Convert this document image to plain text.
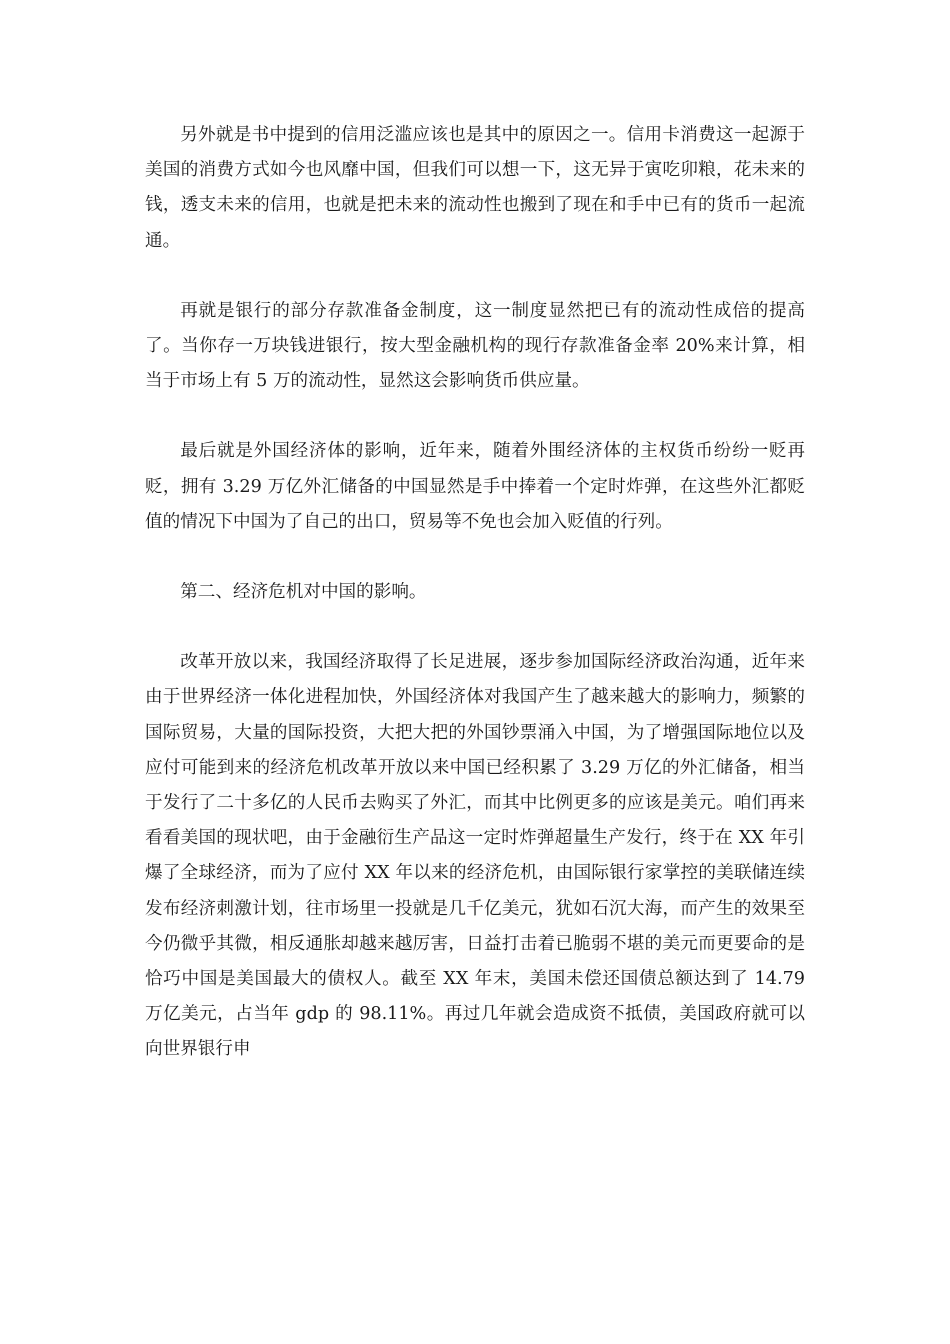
另外就是书中提到的信用泛滥应该也是其中的原因之一。信用卡消费这一起源于美国的消费方式如今也风靡中国，但我们可以想一下，这无异于寅吃卯粮，花未来的钱，透支未来的信用，也就是把未来的流动性也搬到了现在和手中已有的货币一起流通。

再就是银行的部分存款准备金制度，这一制度显然把已有的流动性成倍的提高了。当你存一万块钱进银行，按大型金融机构的现行存款准备金率 20%来计算，相当于市场上有 5 万的流动性，显然这会影响货币供应量。

最后就是外国经济体的影响，近年来，随着外围经济体的主权货币纷纷一贬再贬，拥有 3.29 万亿外汇储备的中国显然是手中捧着一个定时炸弹，在这些外汇都贬值的情况下中国为了自己的出口，贸易等不免也会加入贬值的行列。

第二、经济危机对中国的影响。

改革开放以来，我国经济取得了长足进展，逐步参加国际经济政治沟通，近年来由于世界经济一体化进程加快，外国经济体对我国产生了越来越大的影响力，频繁的国际贸易，大量的国际投资，大把大把的外国钞票涌入中国，为了增强国际地位以及应付可能到来的经济危机改革开放以来中国已经积累了 3.29 万亿的外汇储备，相当于发行了二十多亿的人民币去购买了外汇，而其中比例更多的应该是美元。咱们再来看看美国的现状吧，由于金融衍生产品这一定时炸弹超量生产发行，终于在 XX 年引爆了全球经济，而为了应付 XX 年以来的经济危机，由国际银行家掌控的美联储连续发布经济刺激计划，往市场里一投就是几千亿美元，犹如石沉大海，而产生的效果至今仍微乎其微，相反通胀却越来越厉害，日益打击着已脆弱不堪的美元而更要命的是恰巧中国是美国最大的债权人。截至 XX 年末，美国未偿还国债总额达到了 14.79 万亿美元，占当年 gdp 的 98.11%。再过几年就会造成资不抵债，美国政府就可以向世界银行申
